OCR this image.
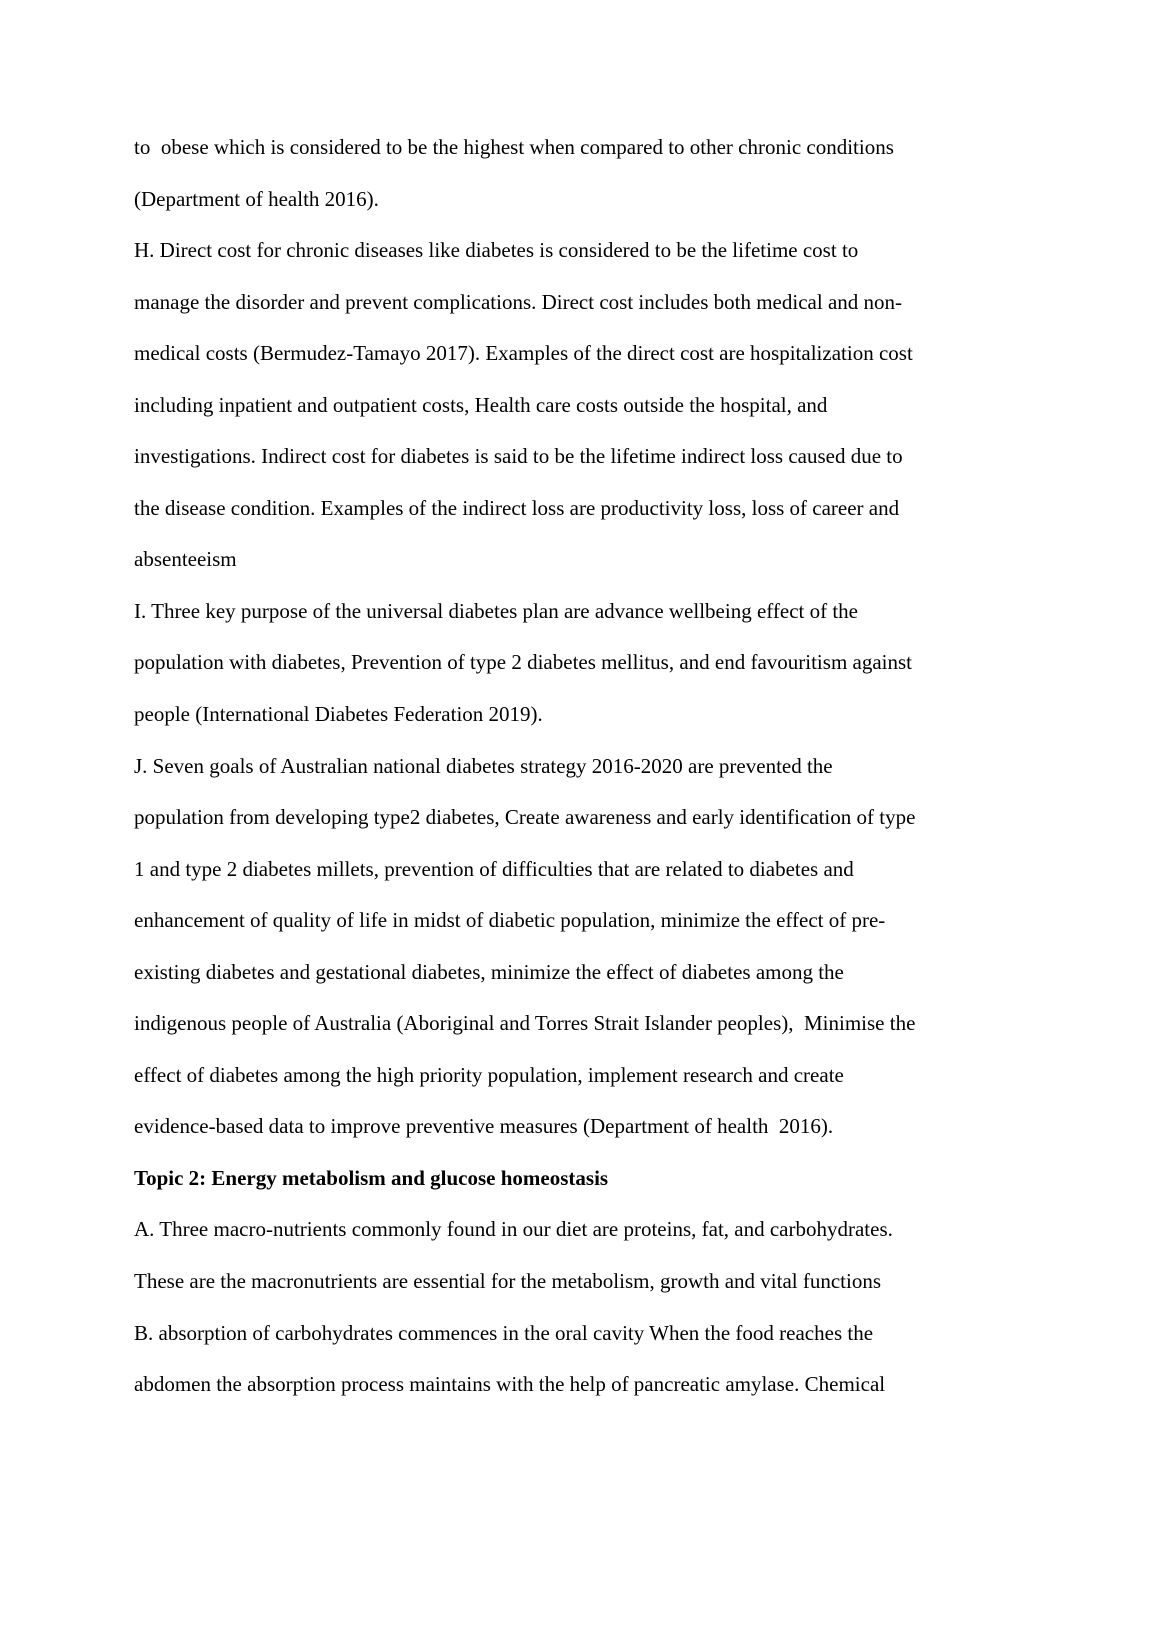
to  obese which is considered to be the highest when compared to other chronic conditions
(Department of health 2016).
H. Direct cost for chronic diseases like diabetes is considered to be the lifetime cost to
manage the disorder and prevent complications. Direct cost includes both medical and non-
medical costs (Bermudez-Tamayo 2017). Examples of the direct cost are hospitalization cost
including inpatient and outpatient costs, Health care costs outside the hospital, and
investigations. Indirect cost for diabetes is said to be the lifetime indirect loss caused due to
the disease condition. Examples of the indirect loss are productivity loss, loss of career and
absenteeism
I. Three key purpose of the universal diabetes plan are advance wellbeing effect of the
population with diabetes, Prevention of type 2 diabetes mellitus, and end favouritism against
people (International Diabetes Federation 2019).
J. Seven goals of Australian national diabetes strategy 2016-2020 are prevented the
population from developing type2 diabetes, Create awareness and early identification of type
1 and type 2 diabetes millets, prevention of difficulties that are related to diabetes and
enhancement of quality of life in midst of diabetic population, minimize the effect of pre-
existing diabetes and gestational diabetes, minimize the effect of diabetes among the
indigenous people of Australia (Aboriginal and Torres Strait Islander peoples),  Minimise the
effect of diabetes among the high priority population, implement research and create
evidence-based data to improve preventive measures (Department of health  2016).
Topic 2: Energy metabolism and glucose homeostasis
A. Three macro-nutrients commonly found in our diet are proteins, fat, and carbohydrates.
These are the macronutrients are essential for the metabolism, growth and vital functions
B. absorption of carbohydrates commences in the oral cavity When the food reaches the
abdomen the absorption process maintains with the help of pancreatic amylase. Chemical
